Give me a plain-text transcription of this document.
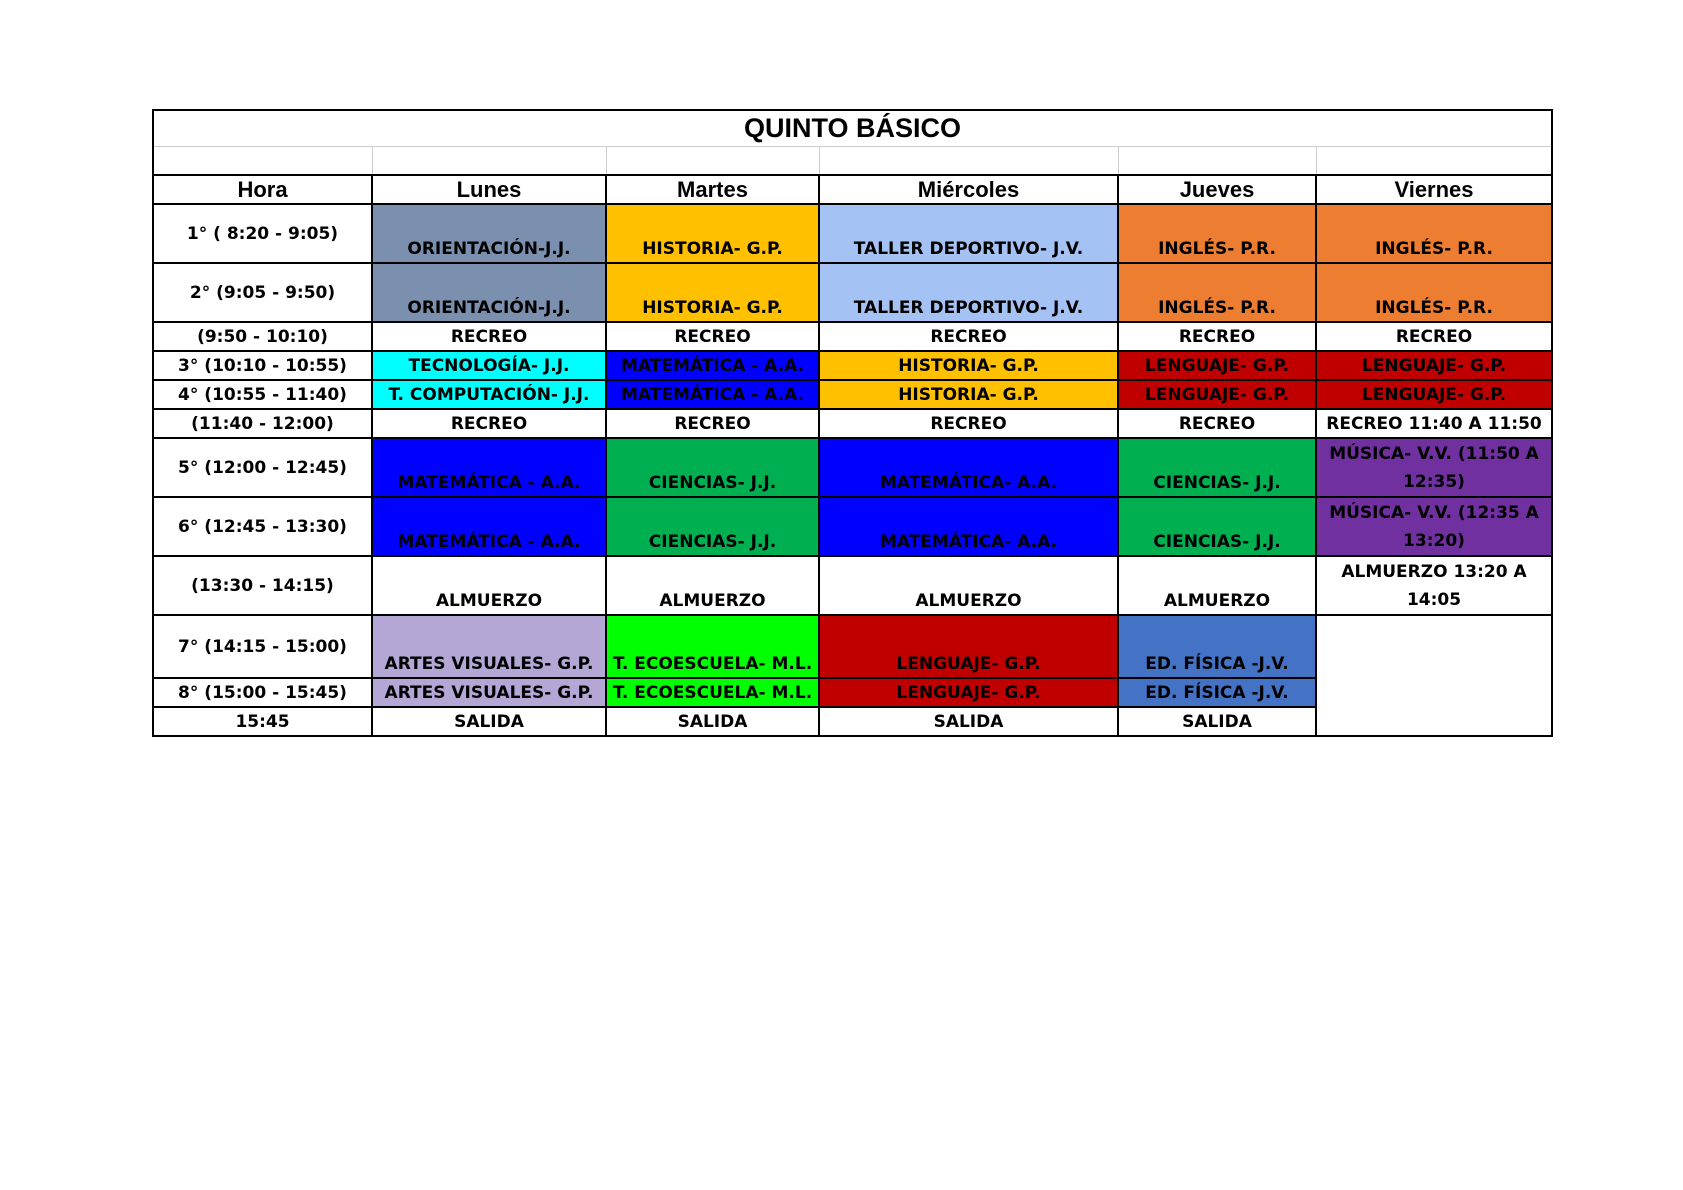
QUINTO BÁSICO					

Hora	Lunes	Martes	Miércoles	Jueves	Viernes
1° ( 8:20 - 9:05)	ORIENTACIÓN-J.J.	HISTORIA- G.P.	TALLER DEPORTIVO- J.V.	INGLÉS- P.R.	INGLÉS- P.R.
2° (9:05 - 9:50)	ORIENTACIÓN-J.J.	HISTORIA- G.P.	TALLER DEPORTIVO- J.V.	INGLÉS- P.R.	INGLÉS- P.R.
(9:50 - 10:10)	RECREO	RECREO	RECREO	RECREO	RECREO
3° (10:10 - 10:55)	TECNOLOGÍA- J.J.	MATEMÁTICA - A.A.	HISTORIA- G.P.	LENGUAJE- G.P.	LENGUAJE- G.P.
4° (10:55 - 11:40)	T. COMPUTACIÓN- J.J.	MATEMÁTICA - A.A.	HISTORIA- G.P.	LENGUAJE- G.P.	LENGUAJE- G.P.
(11:40 - 12:00)	RECREO	RECREO	RECREO	RECREO	RECREO 11:40 A 11:50
5° (12:00 - 12:45)	MATEMÁTICA - A.A.	CIENCIAS- J.J.	MATEMÁTICA- A.A.	CIENCIAS- J.J.	MÚSICA- V.V. (11:50 A 12:35)
6° (12:45 - 13:30)	MATEMÁTICA - A.A.	CIENCIAS- J.J.	MATEMÁTICA- A.A.	CIENCIAS- J.J.	MÚSICA- V.V. (12:35 A 13:20)
(13:30 - 14:15)	ALMUERZO	ALMUERZO	ALMUERZO	ALMUERZO	ALMUERZO 13:20 A 14:05
7° (14:15 - 15:00)	ARTES VISUALES- G.P.	T. ECOESCUELA- M.L.	LENGUAJE- G.P.	ED. FÍSICA -J.V.	
8° (15:00 - 15:45)	ARTES VISUALES- G.P.	T. ECOESCUELA- M.L.	LENGUAJE- G.P.	ED. FÍSICA -J.V.	
15:45	SALIDA	SALIDA	SALIDA	SALIDA	
